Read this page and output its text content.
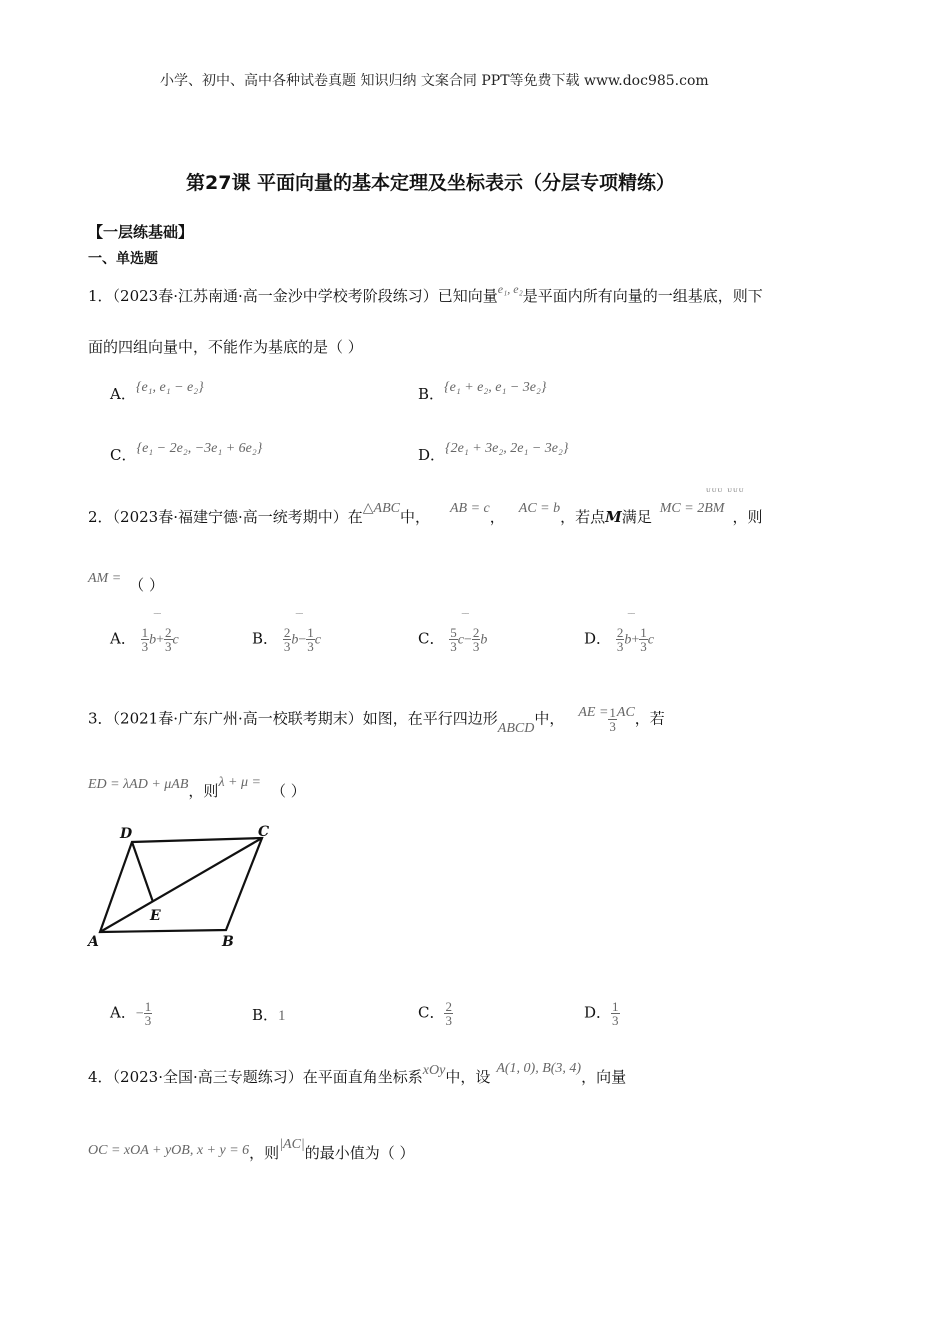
小学、初中、高中各种试卷真题 知识归纳 文案合同 PPT等免费下载 www.doc985.com
第27课 平面向量的基本定理及坐标表示（分层专项精练）
【一层练基础】
一、单选题
1．（2023春·江苏南通·高一金沙中学校考阶段练习）已知向量$^{e_1, e_2}$是平面内所有向量的一组基底，则下
面的四组向量中，不能作为基底的是（ ）
A．{e₁, e₁ − e₂}	B．{e₁ + e₂, e₁ − 3e₂}
C．{e₁ − 2e₂, −3e₁ + 6e₂}	D．{2e₁ + 3e₂, 2e₁ − 3e₂}
ᵁᵁᵁ ᵁᵁᵁ
2．（2023春·福建宁德·高一统考期中）在△ABC中， AB = c， AC = b，若点M满足 MC = 2BM ，则
AM = （ ）
A． $\frac{1}{3} b+ \frac{2}{3}$ c	B． $\frac{2}{3} b- \frac{1}{3}$ c	C． $\frac{5}{3} c- \frac{2}{3}$ b	D． $\frac{2}{3} b+ \frac{1}{3}$ c
‾‾	‾‾	‾‾	‾‾
3．（2021春·广东广州·高一校联考期末）如图，在平行四边形ABCD中， AE = $\frac{1}{3}$ AC，若
ED = λAD + μAB，则λ + μ = （ ）
A	B
C
D
E
A．− $\frac{1}{3}$	B．1	C． $\frac{2}{3}$	D． $\frac{1}{3}$
4．（2023·全国·高三专题练习）在平面直角坐标系xOy中，设 A(1, 0), B(3, 4)，向量
OC = xOA + yOB, x + y = 6，则|AC|的最小值为（ ）
